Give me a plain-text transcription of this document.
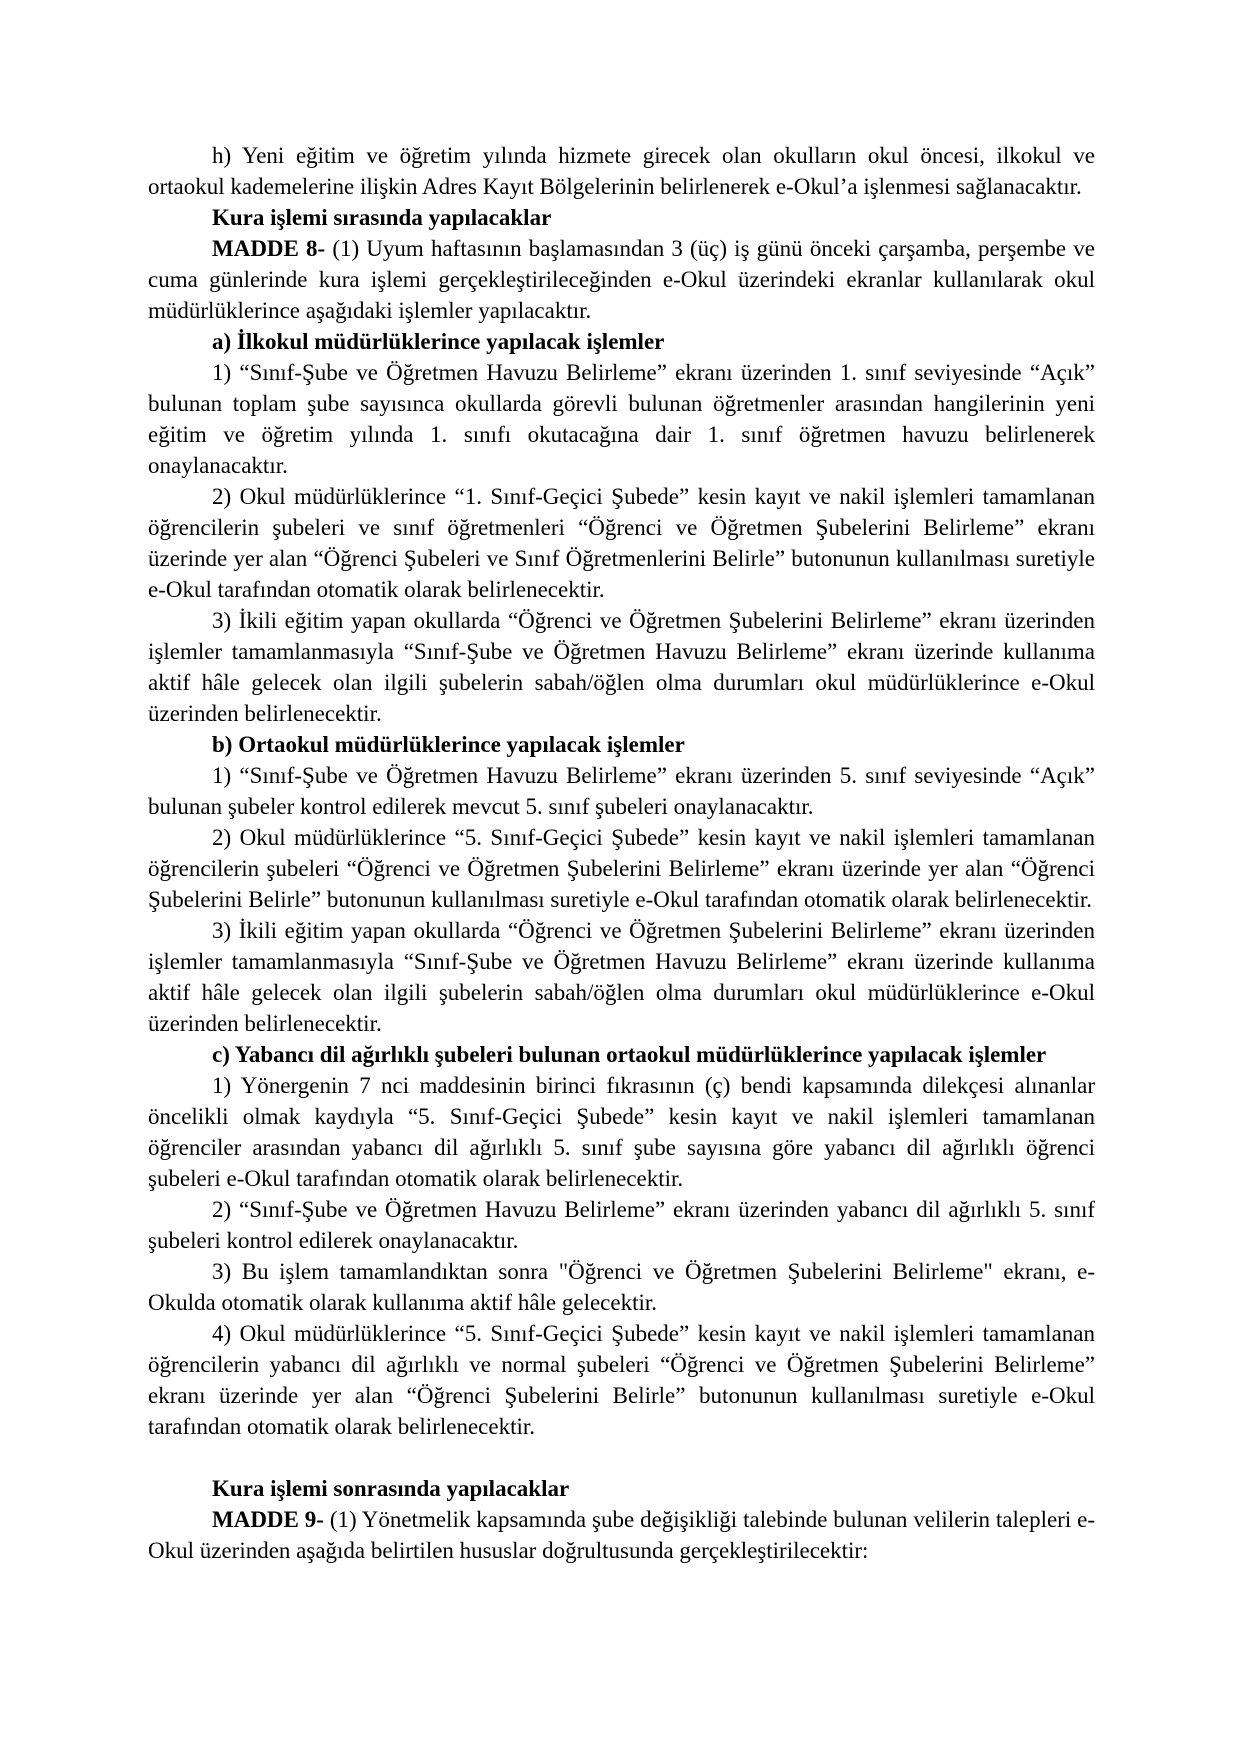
h) Yeni eğitim ve öğretim yılında hizmete girecek olan okulların okul öncesi, ilkokul ve ortaokul kademelerine ilişkin Adres Kayıt Bölgelerinin belirlenerek e-Okul’a işlenmesi sağlanacaktır.

Kura işlemi sırasında yapılacaklar

MADDE 8- (1) Uyum haftasının başlamasından 3 (üç) iş günü önceki çarşamba, perşembe ve cuma günlerinde kura işlemi gerçekleştirileceğinden e-Okul üzerindeki ekranlar kullanılarak okul müdürlüklerince aşağıdaki işlemler yapılacaktır.

a) İlkokul müdürlüklerince yapılacak işlemler

1) “Sınıf-Şube ve Öğretmen Havuzu Belirleme” ekranı üzerinden 1. sınıf seviyesinde “Açık” bulunan toplam şube sayısınca okullarda görevli bulunan öğretmenler arasından hangilerinin yeni eğitim ve öğretim yılında 1. sınıfı okutacağına dair 1. sınıf öğretmen havuzu belirlenerek onaylanacaktır.

2) Okul müdürlüklerince “1. Sınıf-Geçici Şubede” kesin kayıt ve nakil işlemleri tamamlanan öğrencilerin şubeleri ve sınıf öğretmenleri “Öğrenci ve Öğretmen Şubelerini Belirleme” ekranı üzerinde yer alan “Öğrenci Şubeleri ve Sınıf Öğretmenlerini Belirle” butonunun kullanılması suretiyle e-Okul tarafından otomatik olarak belirlenecektir.

3) İkili eğitim yapan okullarda “Öğrenci ve Öğretmen Şubelerini Belirleme” ekranı üzerinden işlemler tamamlanmasıyla “Sınıf-Şube ve Öğretmen Havuzu Belirleme” ekranı üzerinde kullanıma aktif hâle gelecek olan ilgili şubelerin sabah/öğlen olma durumları okul müdürlüklerince e-Okul üzerinden belirlenecektir.

b) Ortaokul müdürlüklerince yapılacak işlemler

1) “Sınıf-Şube ve Öğretmen Havuzu Belirleme” ekranı üzerinden 5. sınıf seviyesinde “Açık” bulunan şubeler kontrol edilerek mevcut 5. sınıf şubeleri onaylanacaktır.

2) Okul müdürlüklerince “5. Sınıf-Geçici Şubede” kesin kayıt ve nakil işlemleri tamamlanan öğrencilerin şubeleri “Öğrenci ve Öğretmen Şubelerini Belirleme” ekranı üzerinde yer alan “Öğrenci Şubelerini Belirle” butonunun kullanılması suretiyle e-Okul tarafından otomatik olarak belirlenecektir.

3) İkili eğitim yapan okullarda “Öğrenci ve Öğretmen Şubelerini Belirleme” ekranı üzerinden işlemler tamamlanmasıyla “Sınıf-Şube ve Öğretmen Havuzu Belirleme” ekranı üzerinde kullanıma aktif hâle gelecek olan ilgili şubelerin sabah/öğlen olma durumları okul müdürlüklerince e-Okul üzerinden belirlenecektir.

c) Yabancı dil ağırlıklı şubeleri bulunan ortaokul müdürlüklerince yapılacak işlemler

1) Yönergenin 7 nci maddesinin birinci fıkrasının (ç) bendi kapsamında dilekçesi alınanlar öncelikli olmak kaydıyla “5. Sınıf-Geçici Şubede” kesin kayıt ve nakil işlemleri tamamlanan öğrenciler arasından yabancı dil ağırlıklı 5. sınıf şube sayısına göre yabancı dil ağırlıklı öğrenci şubeleri e-Okul tarafından otomatik olarak belirlenecektir.

2) “Sınıf-Şube ve Öğretmen Havuzu Belirleme” ekranı üzerinden yabancı dil ağırlıklı 5. sınıf şubeleri kontrol edilerek onaylanacaktır.

3) Bu işlem tamamlandıktan sonra "Öğrenci ve Öğretmen Şubelerini Belirleme" ekranı, e-Okulda otomatik olarak kullanıma aktif hâle gelecektir.

4) Okul müdürlüklerince “5. Sınıf-Geçici Şubede” kesin kayıt ve nakil işlemleri tamamlanan öğrencilerin yabancı dil ağırlıklı ve normal şubeleri “Öğrenci ve Öğretmen Şubelerini Belirleme” ekranı üzerinde yer alan “Öğrenci Şubelerini Belirle” butonunun kullanılması suretiyle e-Okul tarafından otomatik olarak belirlenecektir.

Kura işlemi sonrasında yapılacaklar

MADDE 9- (1) Yönetmelik kapsamında şube değişikliği talebinde bulunan velilerin talepleri e-Okul üzerinden aşağıda belirtilen hususlar doğrultusunda gerçekleştirilecektir:
